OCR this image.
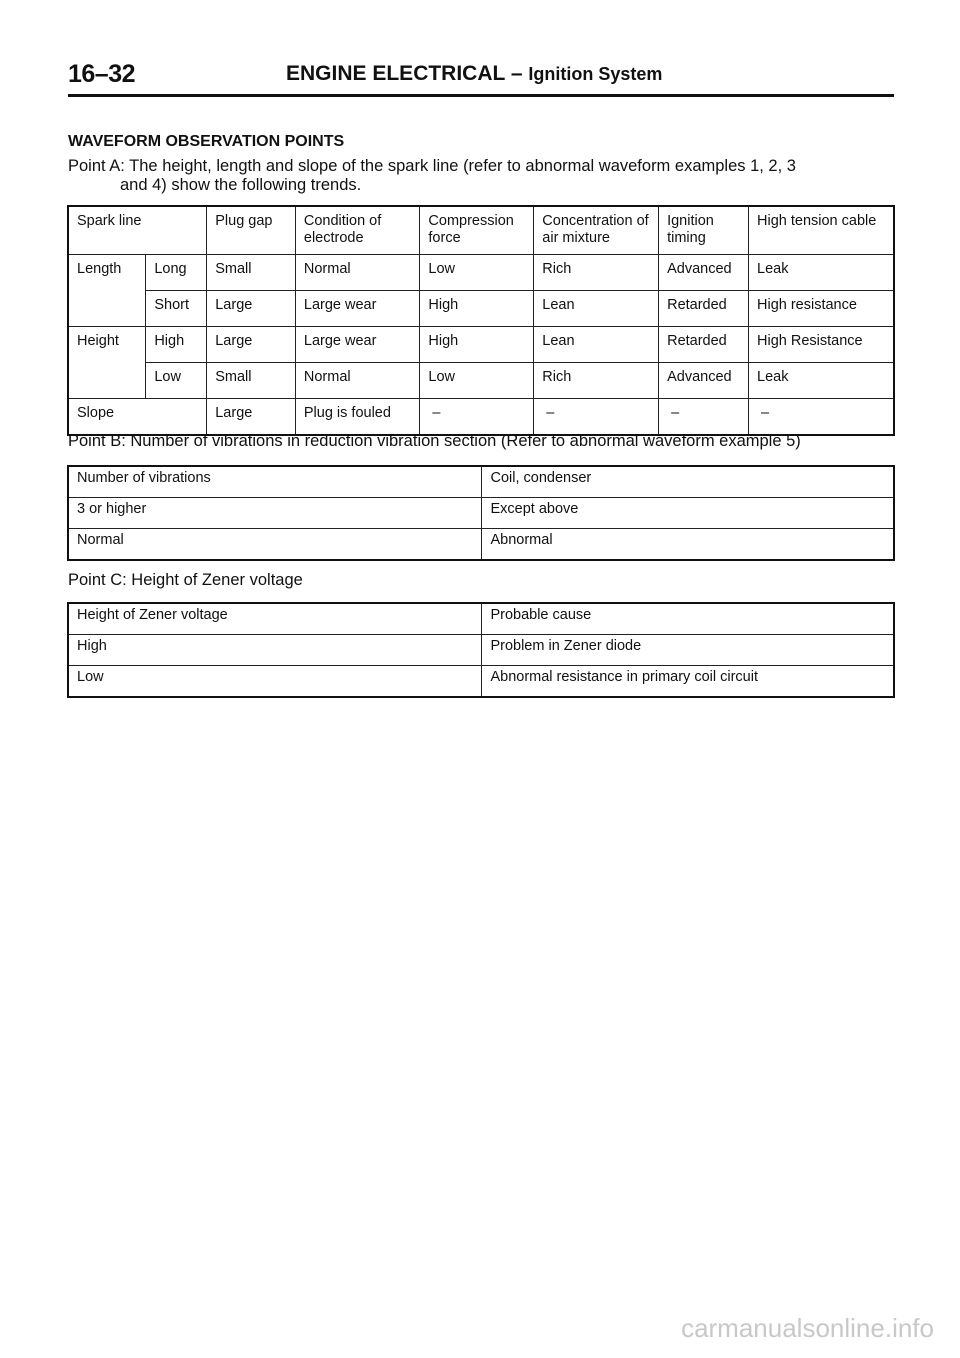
16–32	ENGINE ELECTRICAL – Ignition System
WAVEFORM OBSERVATION POINTS
Point A: The height, length and slope of the spark line (refer to abnormal waveform examples 1, 2, 3
and 4) show the following trends.
Spark line		Plug gap	Condition of electrode	Compression force	Concentration of air mixture	Ignition timing	High tension cable
Length	Long	Small	Normal	Low	Rich	Advanced	Leak
	Short	Large	Large wear	High	Lean	Retarded	High resistance
Height	High	Large	Large wear	High	Lean	Retarded	High Resistance
	Low	Small	Normal	Low	Rich	Advanced	Leak
Slope		Large	Plug is fouled	–	–	–	–
Point B: Number of vibrations in reduction vibration section (Refer to abnormal waveform example 5)
Number of vibrations	Coil, condenser
3 or higher	Except above
Normal	Abnormal
Point C: Height of Zener voltage
Height of Zener voltage	Probable cause
High	Problem in Zener diode
Low	Abnormal resistance in primary coil circuit
carmanualsonline.info
